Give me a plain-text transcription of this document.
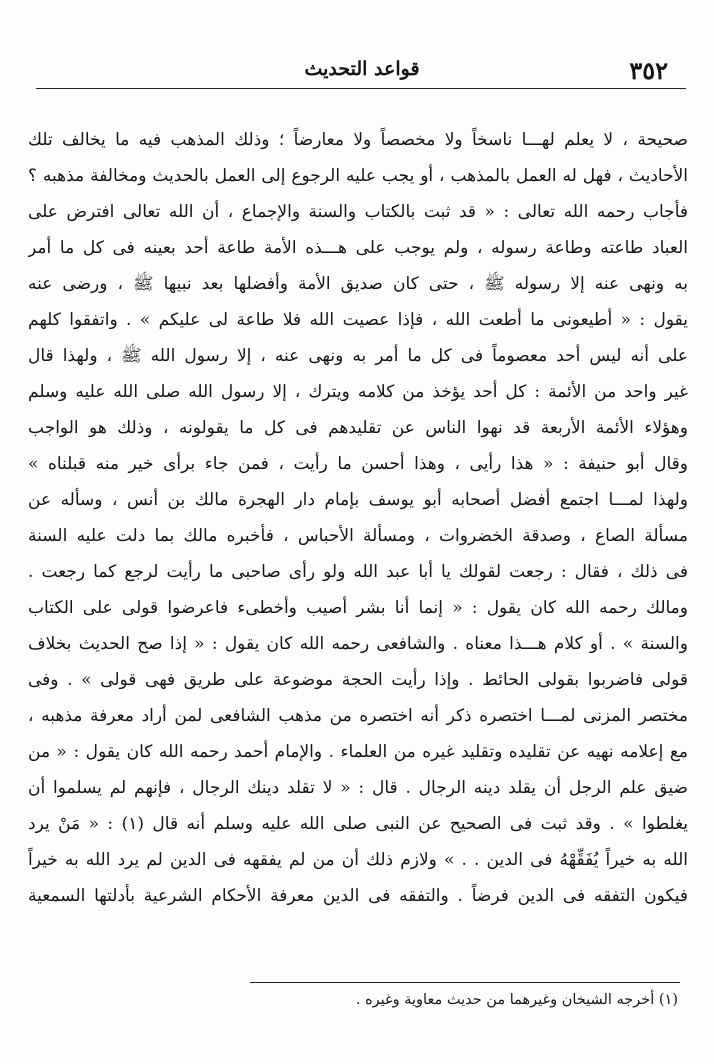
٣٥٢
قواعد التحديث
صحيحة ، لا يعلم لهـــا ناسخاً ولا مخصصاً ولا معارضاً ؛ وذلك المذهب فيه ما يخالف تلك
الأحاديث ، فهل له العمل بالمذهب ، أو يجب عليه الرجوع إلى العمل بالحديث ومخالفة مذهبه ؟
فأجاب رحمه الله تعالى : « قد ثبت بالكتاب والسنة والإجماع ، أن الله تعالى افترض على
العباد طاعته وطاعة رسوله ، ولم يوجب على هـــذه الأمة طاعة أحد بعينه فى كل ما أمر
به ونهى عنه إلا رسوله ﷺ ، حتى كان صديق الأمة وأفضلها بعد نبيها ﷺ ، ورضى عنه
يقول : « أطيعونى ما أطعت الله ، فإذا عصيت الله فلا طاعة لى عليكم » . واتفقوا كلهم
على أنه ليس أحد معصوماً فى كل ما أمر به ونهى عنه ، إلا رسول الله ﷺ ، ولهذا قال
غير واحد من الأئمة : كل أحد يؤخذ من كلامه ويترك ، إلا رسول الله صلى الله عليه وسلم
وهؤلاء الأئمة الأربعة قد نهوا الناس عن تقليدهم فى كل ما يقولونه ، وذلك هو الواجب
وقال أبو حنيفة : « هذا رأيى ، وهذا أحسن ما رأيت ، فمن جاء برأى خير منه قبلناه »
ولهذا لمـــا اجتمع أفضل أصحابه أبو يوسف بإمام دار الهجرة مالك بن أنس ، وسأله عن
مسألة الصاع ، وصدقة الخضروات ، ومسألة الأحباس ، فأخبره مالك بما دلت عليه السنة
فى ذلك ، فقال : رجعت لقولك يا أبا عبد الله ولو رأى صاحبى ما رأيت لرجع كما رجعت .
ومالك رحمه الله كان يقول : « إنما أنا بشر أصيب وأخطىء فاعرضوا قولى على الكتاب
والسنة » . أو كلام هـــذا معناه . والشافعى رحمه الله كان يقول : « إذا صح الحديث بخلاف
قولى فاضربوا بقولى الحائط . وإذا رأيت الحجة موضوعة على طريق فهى قولى » . وفى
مختصر المزنى لمـــا اختصره ذكر أنه اختصره من مذهب الشافعى لمن أراد معرفة مذهبه ،
مع إعلامه نهيه عن تقليده وتقليد غيره من العلماء . والإمام أحمد رحمه الله كان يقول : « من
ضيق علم الرجل أن يقلد دينه الرجال . قال : « لا تقلد دينك الرجال ، فإنهم لم يسلموا أن
يغلطوا » . وقد ثبت فى الصحيح عن النبى صلى الله عليه وسلم أنه قال (١) : « مَنْ يرد
الله به خيراً يُفَقِّهْهُ فى الدين . . » ولازم ذلك أن من لم يفقهه فى الدين لم يرد الله به خيراً
فيكون التفقه فى الدين فرضاً . والتفقه فى الدين معرفة الأحكام الشرعية بأدلتها السمعية
(١) أخرجه الشيخان وغيرهما من حديث معاوية وغيره .
